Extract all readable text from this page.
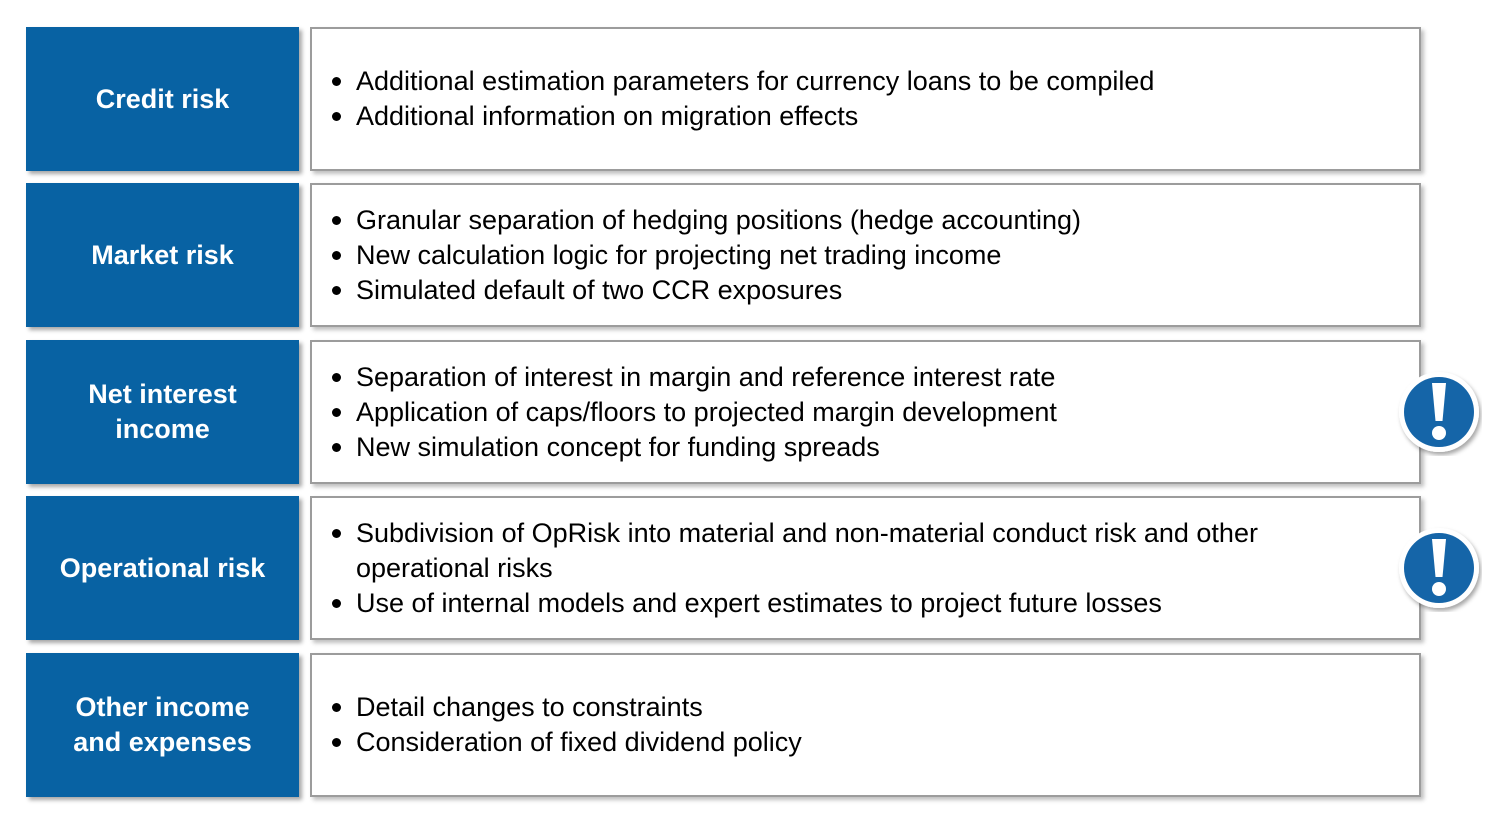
Credit risk
Additional estimation parameters for currency loans to be compiled
Additional information on migration effects
Market risk
Granular separation of hedging positions (hedge accounting)
New calculation logic for projecting net trading income
Simulated default of two CCR exposures
Net interest income
Separation of interest in margin and reference interest rate
Application of caps/floors to projected margin development
New simulation concept for funding spreads
Operational risk
Subdivision of OpRisk into material and non-material conduct risk and other operational risks
Use of internal models and expert estimates to project future losses
Other income and expenses
Detail changes to constraints
Consideration of fixed dividend policy
